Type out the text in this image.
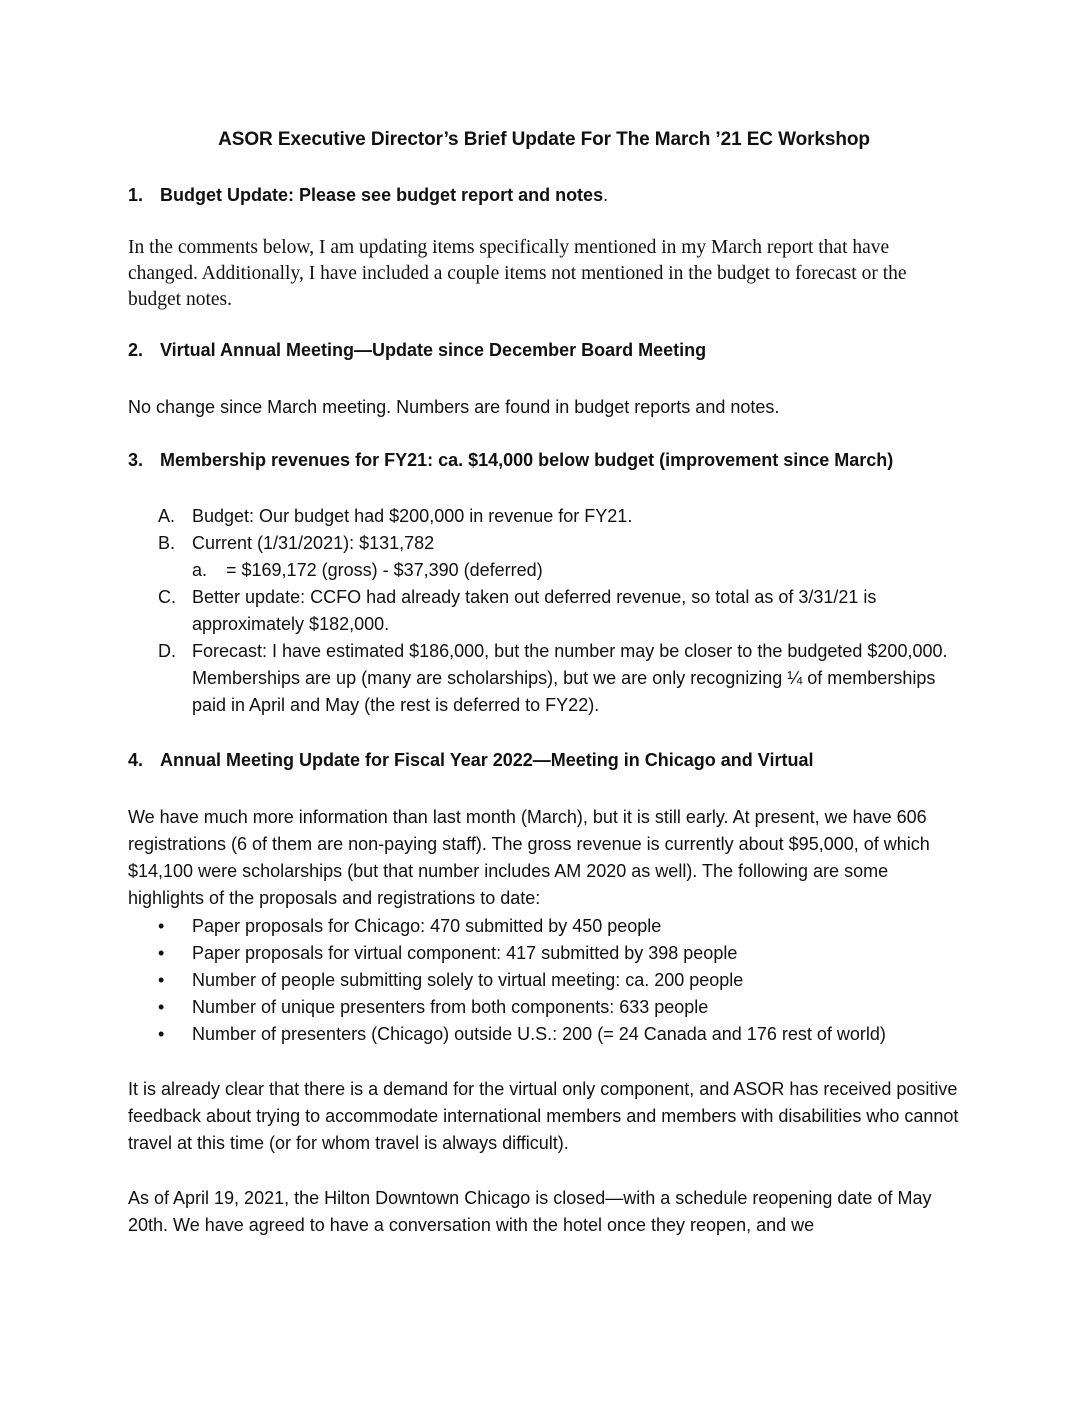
ASOR Executive Director’s Brief Update For The March ’21 EC Workshop
1. Budget Update: Please see budget report and notes.

In the comments below, I am updating items specifically mentioned in my March report that have changed. Additionally, I have included a couple items not mentioned in the budget to forecast or the budget notes.

2. Virtual Annual Meeting—Update since December Board Meeting

No change since March meeting. Numbers are found in budget reports and notes.

3. Membership revenues for FY21: ca. $14,000 below budget (improvement since March)
A. Budget: Our budget had $200,000 in revenue for FY21.
B. Current (1/31/2021): $131,782
a. = $169,172 (gross) - $37,390 (deferred)
C. Better update: CCFO had already taken out deferred revenue, so total as of 3/31/21 is approximately $182,000.
D. Forecast: I have estimated $186,000, but the number may be closer to the budgeted $200,000. Memberships are up (many are scholarships), but we are only recognizing ¼ of memberships paid in April and May (the rest is deferred to FY22).
4. Annual Meeting Update for Fiscal Year 2022—Meeting in Chicago and Virtual

We have much more information than last month (March), but it is still early. At present, we have 606 registrations (6 of them are non-paying staff). The gross revenue is currently about $95,000, of which $14,100 were scholarships (but that number includes AM 2020 as well). The following are some highlights of the proposals and registrations to date:

• Paper proposals for Chicago: 470 submitted by 450 people
• Paper proposals for virtual component: 417 submitted by 398 people
• Number of people submitting solely to virtual meeting: ca. 200 people
• Number of unique presenters from both components: 633 people
• Number of presenters (Chicago) outside U.S.: 200 (= 24 Canada and 176 rest of world)

It is already clear that there is a demand for the virtual only component, and ASOR has received positive feedback about trying to accommodate international members and members with disabilities who cannot travel at this time (or for whom travel is always difficult).

As of April 19, 2021, the Hilton Downtown Chicago is closed—with a schedule reopening date of May 20th. We have agreed to have a conversation with the hotel once they reopen, and we
